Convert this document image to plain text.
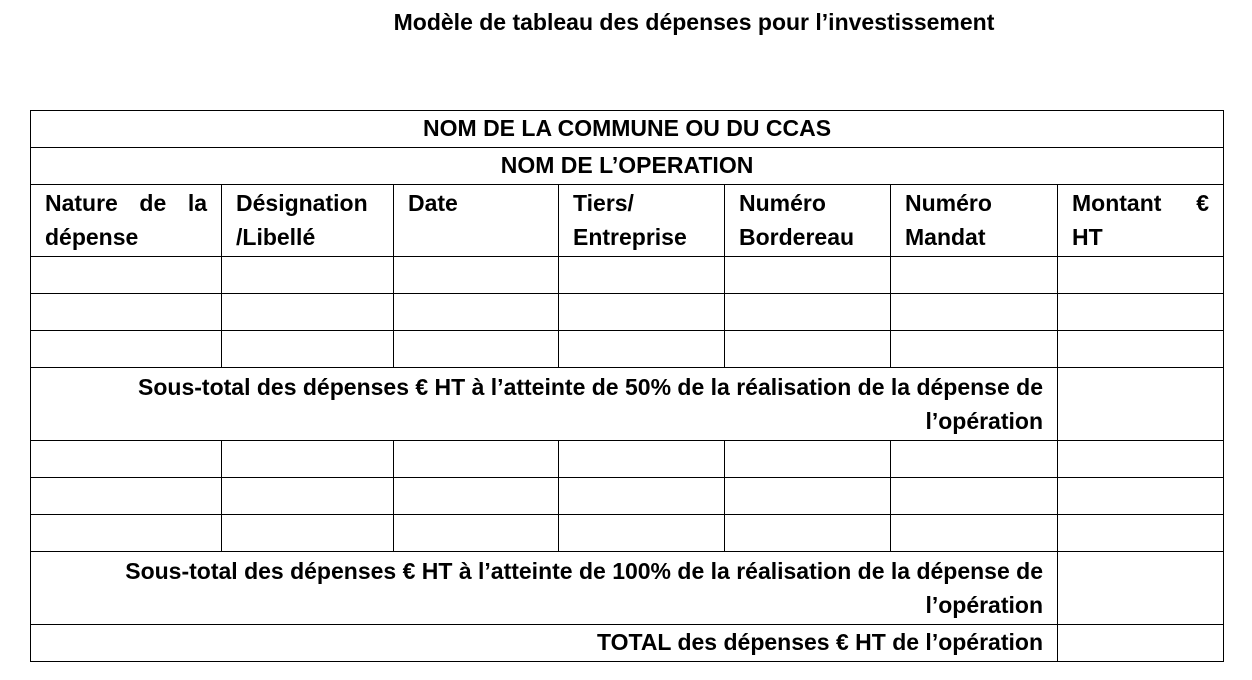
Modèle de tableau des dépenses pour l’investissement
NOM DE LA COMMUNE OU DU CCAS						
NOM DE L’OPERATION						
Nature de la dépense	Désignation /Libellé	Date	Tiers/ Entreprise	Numéro Bordereau	Numéro Mandat	Montant € HT

Sous-total des dépenses € HT à l’atteinte de 50% de la réalisation de la dépense de l’opération						

Sous-total des dépenses € HT à l’atteinte de 100% de la réalisation de la dépense de l’opération						
TOTAL des dépenses € HT de l’opération						
